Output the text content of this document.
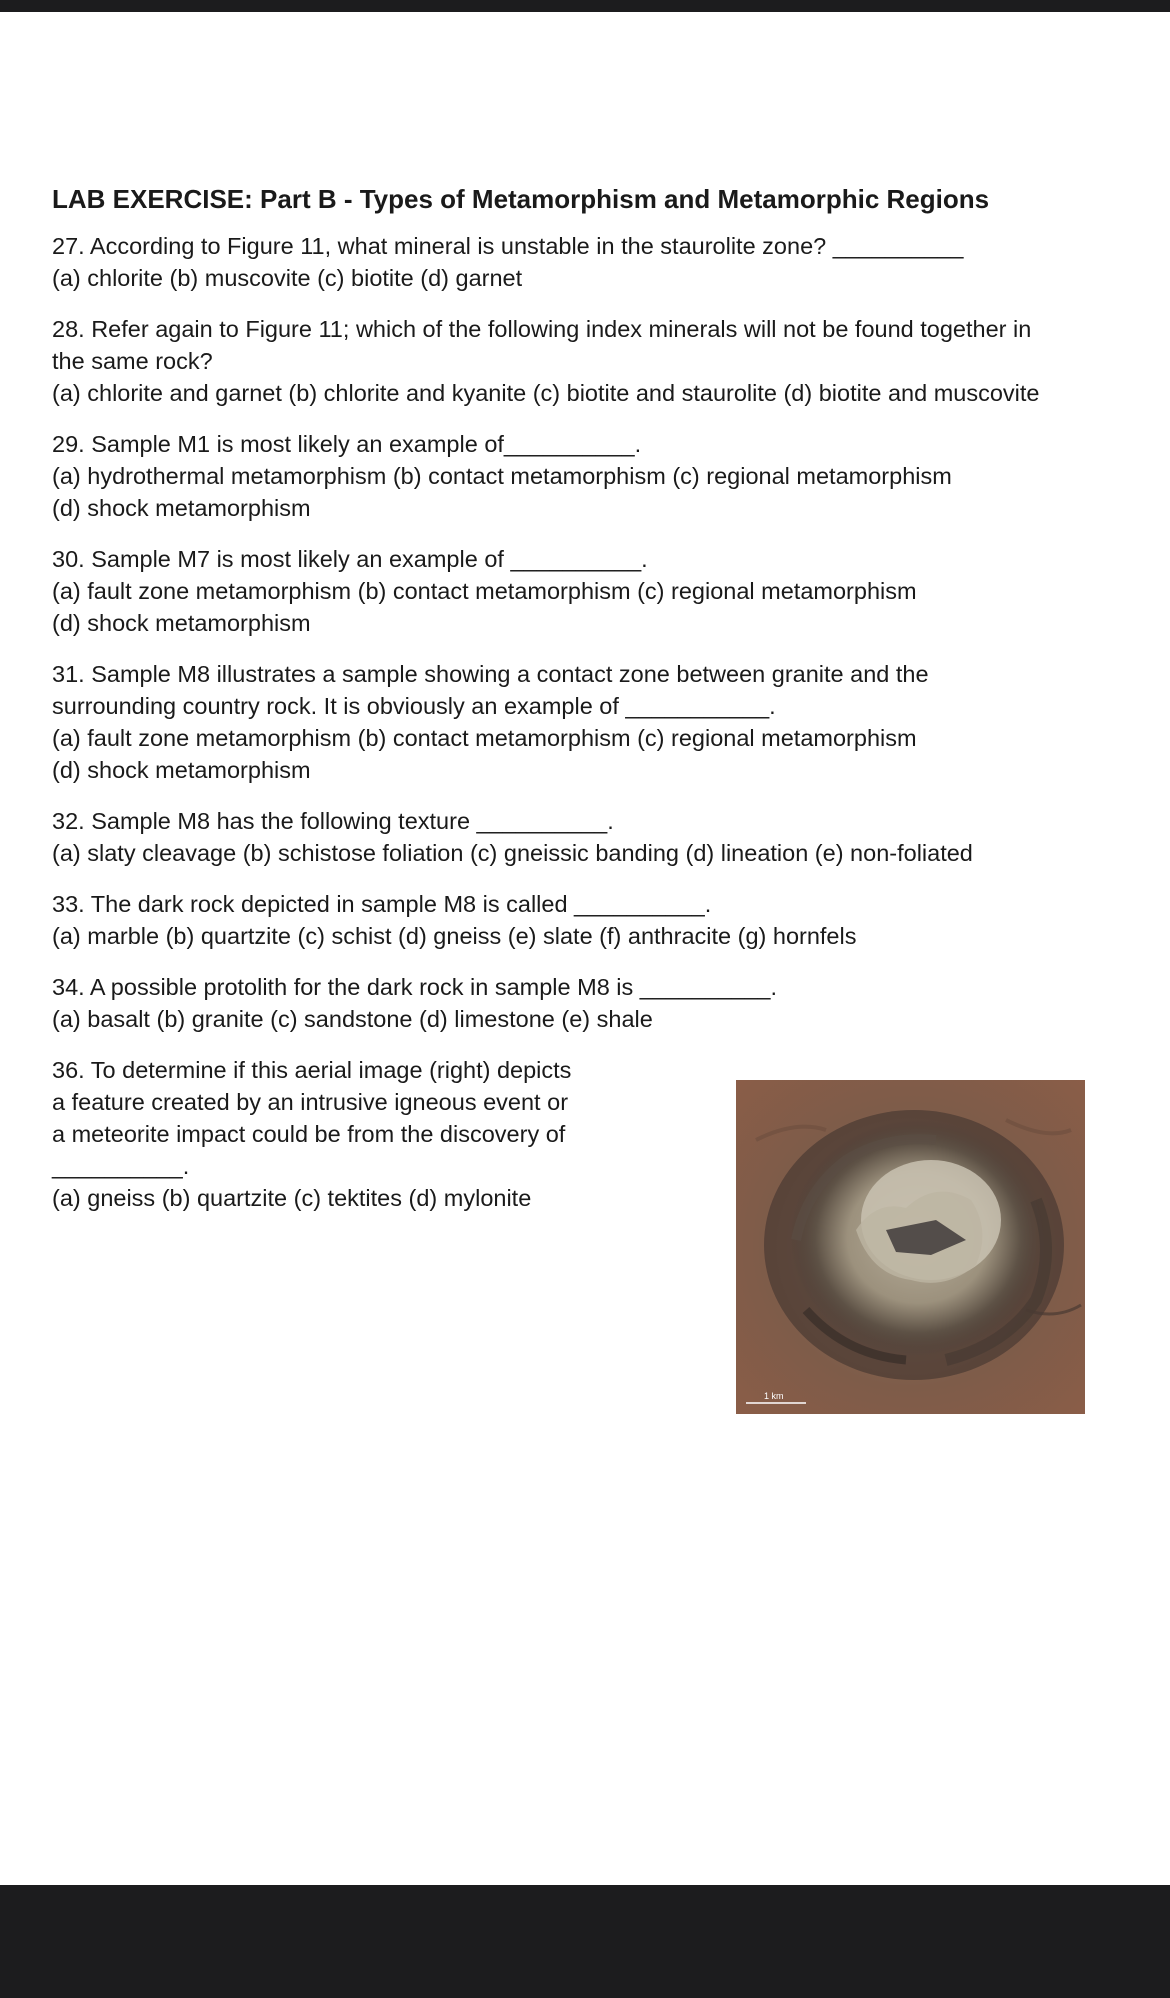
LAB EXERCISE: Part B - Types of Metamorphism and Metamorphic Regions
27. According to Figure 11, what mineral is unstable in the staurolite zone? __________
(a) chlorite (b) muscovite (c) biotite (d) garnet
28. Refer again to Figure 11; which of the following index minerals will not be found together in
the same rock?
(a) chlorite and garnet (b) chlorite and kyanite (c) biotite and staurolite (d) biotite and muscovite
29. Sample M1 is most likely an example of__________.
(a) hydrothermal metamorphism (b) contact metamorphism (c) regional metamorphism
(d) shock metamorphism
30. Sample M7 is most likely an example of __________.
(a) fault zone metamorphism (b) contact metamorphism (c) regional metamorphism
(d) shock metamorphism
31. Sample M8 illustrates a sample showing a contact zone between granite and the
surrounding country rock. It is obviously an example of ___________.
(a) fault zone metamorphism (b) contact metamorphism (c) regional metamorphism
(d) shock metamorphism
32. Sample M8 has the following texture __________.
(a) slaty cleavage (b) schistose foliation (c) gneissic banding (d) lineation (e) non-foliated
33. The dark rock depicted in sample M8 is called __________.
(a) marble (b) quartzite (c) schist (d) gneiss (e) slate (f) anthracite (g) hornfels
34. A possible protolith for the dark rock in sample M8 is __________.
(a) basalt (b) granite (c) sandstone (d) limestone (e) shale
36. To determine if this aerial image (right) depicts
a feature created by an intrusive igneous event or
a meteorite impact could be from the discovery of
__________.
(a) gneiss (b) quartzite (c) tektites (d) mylonite
1 km
